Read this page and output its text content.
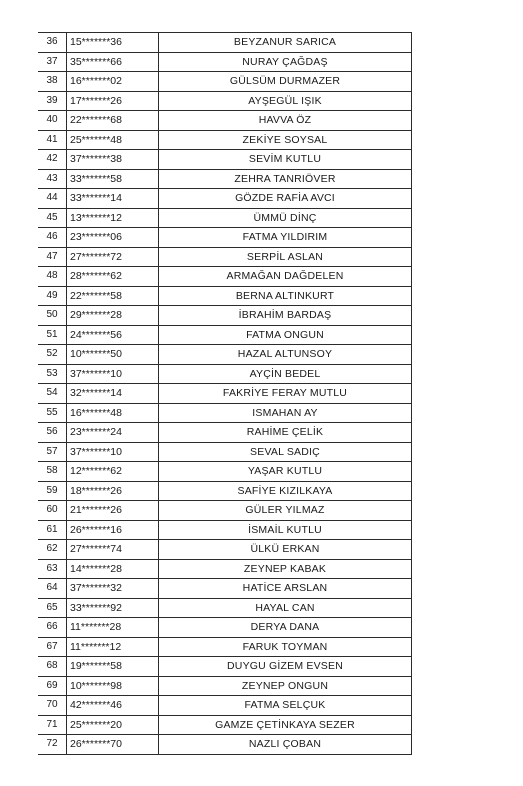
36	15*******36	BEYZANUR SARICA
37	35*******66	NURAY ÇAĞDAŞ
38	16*******02	GÜLSÜM DURMAZER
39	17*******26	AYŞEGÜL IŞIK
40	22*******68	HAVVA ÖZ
41	25*******48	ZEKİYE SOYSAL
42	37*******38	SEVİM KUTLU
43	33*******58	ZEHRA TANRIÖVER
44	33*******14	GÖZDE RAFİA AVCI
45	13*******12	ÜMMÜ DİNÇ
46	23*******06	FATMA YILDIRIM
47	27*******72	SERPİL ASLAN
48	28*******62	ARMAĞAN DAĞDELEN
49	22*******58	BERNA ALTINKURT
50	29*******28	İBRAHİM BARDAŞ
51	24*******56	FATMA ONGUN
52	10*******50	HAZAL ALTUNSOY
53	37*******10	AYÇİN BEDEL
54	32*******14	FAKRİYE FERAY MUTLU
55	16*******48	ISMAHAN AY
56	23*******24	RAHİME ÇELİK
57	37*******10	SEVAL SADIÇ
58	12*******62	YAŞAR KUTLU
59	18*******26	SAFİYE KIZILKAYA
60	21*******26	GÜLER YILMAZ
61	26*******16	İSMAİL KUTLU
62	27*******74	ÜLKÜ ERKAN
63	14*******28	ZEYNEP KABAK
64	37*******32	HATİCE ARSLAN
65	33*******92	HAYAL CAN
66	11*******28	DERYA DANA
67	11*******12	FARUK TOYMAN
68	19*******58	DUYGU GİZEM EVSEN
69	10*******98	ZEYNEP ONGUN
70	42*******46	FATMA SELÇUK
71	25*******20	GAMZE ÇETİNKAYA SEZER
72	26*******70	NAZLI ÇOBAN
